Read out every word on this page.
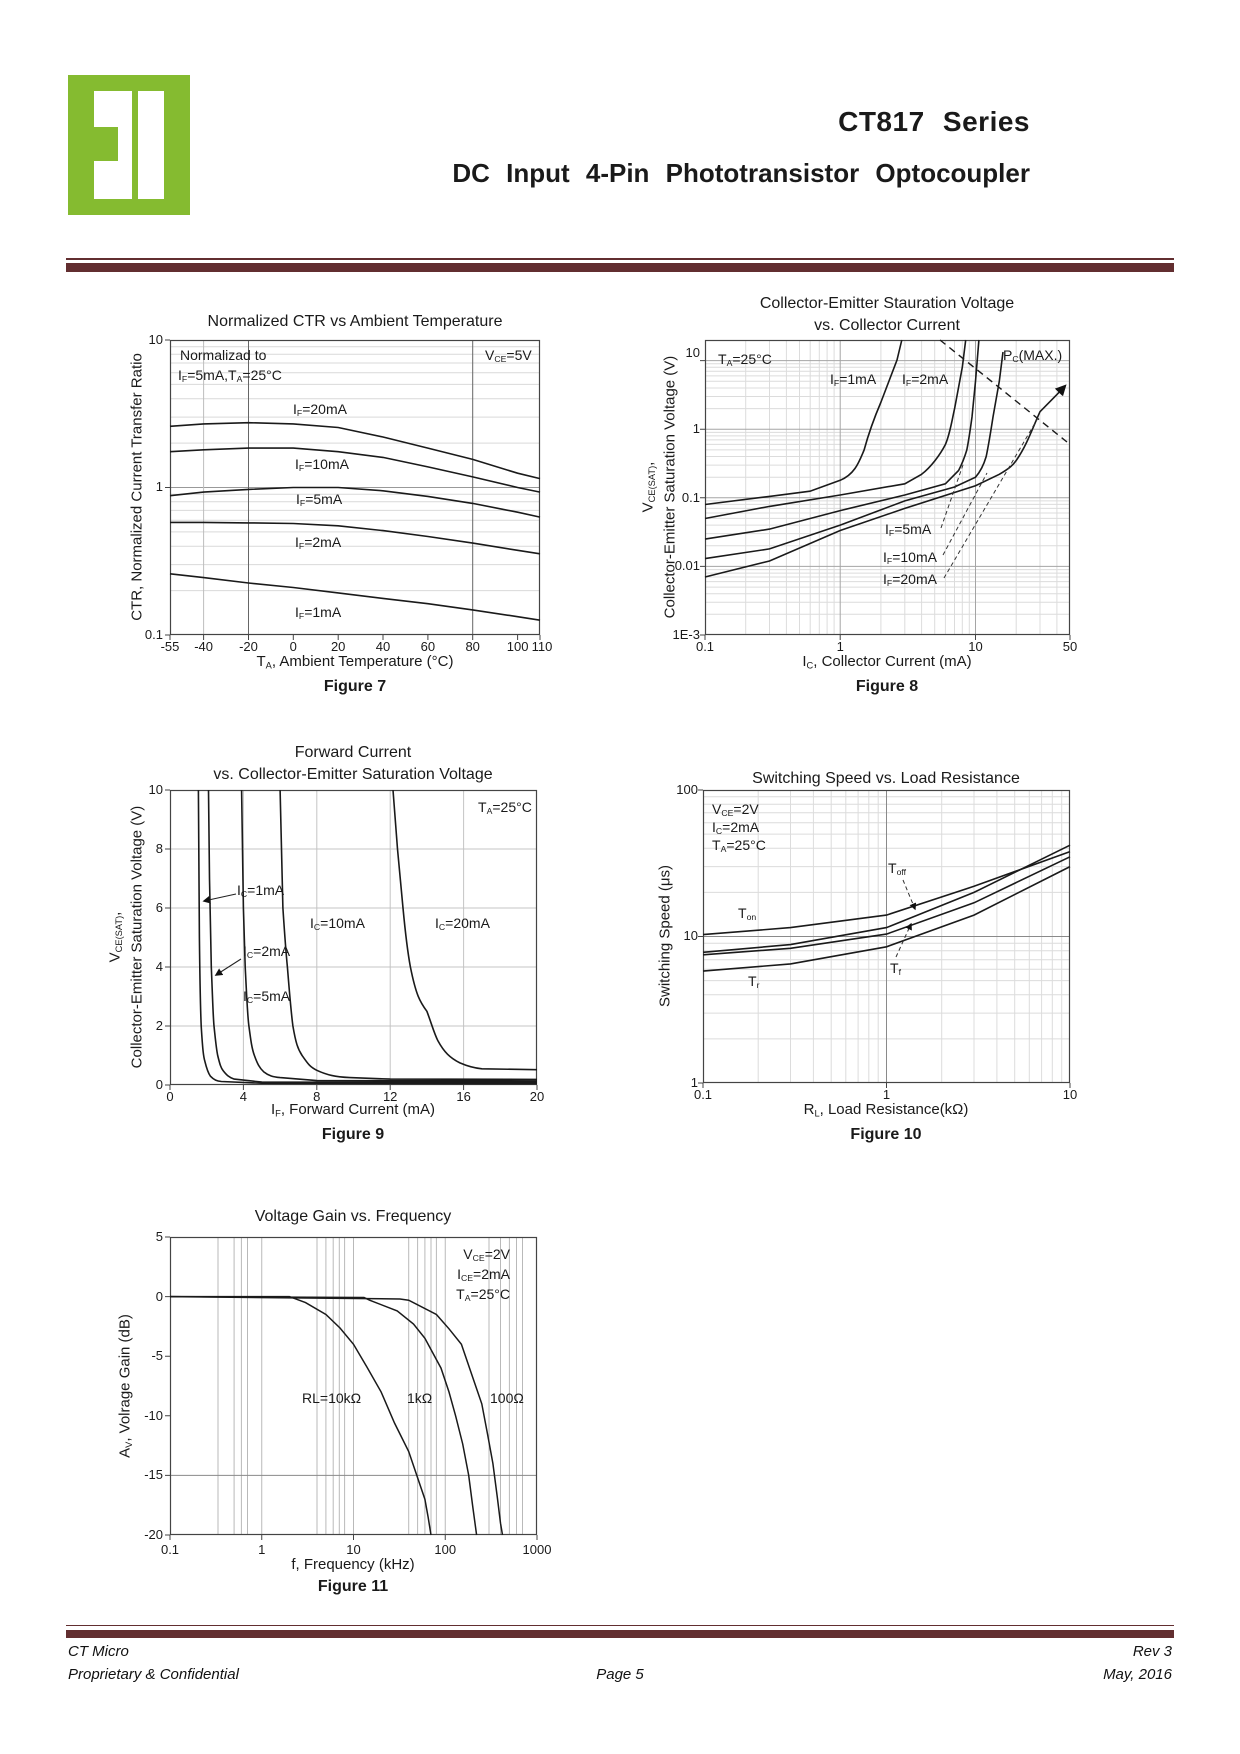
CT817 Series
DC Input 4-Pin Phototransistor Optocoupler
Normalized CTR vs Ambient Temperature
Normalizad to
$I_F=5mA,T_A=25^\circ C$
$V_{CE}=5V$
$I_F=20mA$
$I_F=10mA$
$I_F=5mA$
$I_F=2mA$
$I_F=1mA$
10
1
0.1
-55 -40 -20 0	20 40 60 80 100 110
$T_A$, Ambient Temperature (°C)
CTR, Normalized Current Transfer Ratio
Figure 7
Collector-Emitter Stauration Voltage
vs. Collector Current
$T_A=25^\circ C$
$I_F=1mA$ $I_F=2mA$
$P_C(MAX.)$
$I_F=5mA$
$I_F=10mA$
$I_F=20mA$
10
1
0.1
0.01
1E-3
0.1	1	10	50
$I_C$, Collector Current (mA)
$V_{CE(SAT)}$, Collector-Emitter Saturation Voltage (V)
Figure 8
Forward Current
vs. Collector-Emitter Saturation Voltage
$T_A=25^\circ C$
$I_C=1mA$
$I_C=2mA$
$I_C=5mA$
$I_C=10mA$	$I_C=20mA$
10
8
6
4
2
0
0	4	8	12	16	20
$I_F$, Forward Current (mA)
$V_{CE(SAT)}$, Collector-Emitter Saturation Voltage (V)
Figure 9
Switching Speed vs. Load Resistance
$V_{CE}=2V$
$I_C=2mA$
$T_A=25^\circ C$
$T_{off}$
$T_{on}$
$T_f$
$T_r$
100
10
1
0.1	1	10
$R_L$, Load Resistance(kΩ)
Switching Speed (μs)
Figure 10
Voltage Gain vs. Frequency
$V_{CE}=2V$
$I_{CE}=2mA$
$T_A=25^\circ C$
RL=10kΩ	1kΩ	100Ω
5
0
-5
-10
-15
-20
0.1	1	10	100	1000
f, Frequency (kHz)
$A_V$, Volrage Gain (dB)
Figure 11
CT Micro
Proprietary & Confidential	Page 5
Rev 3
May, 2016
